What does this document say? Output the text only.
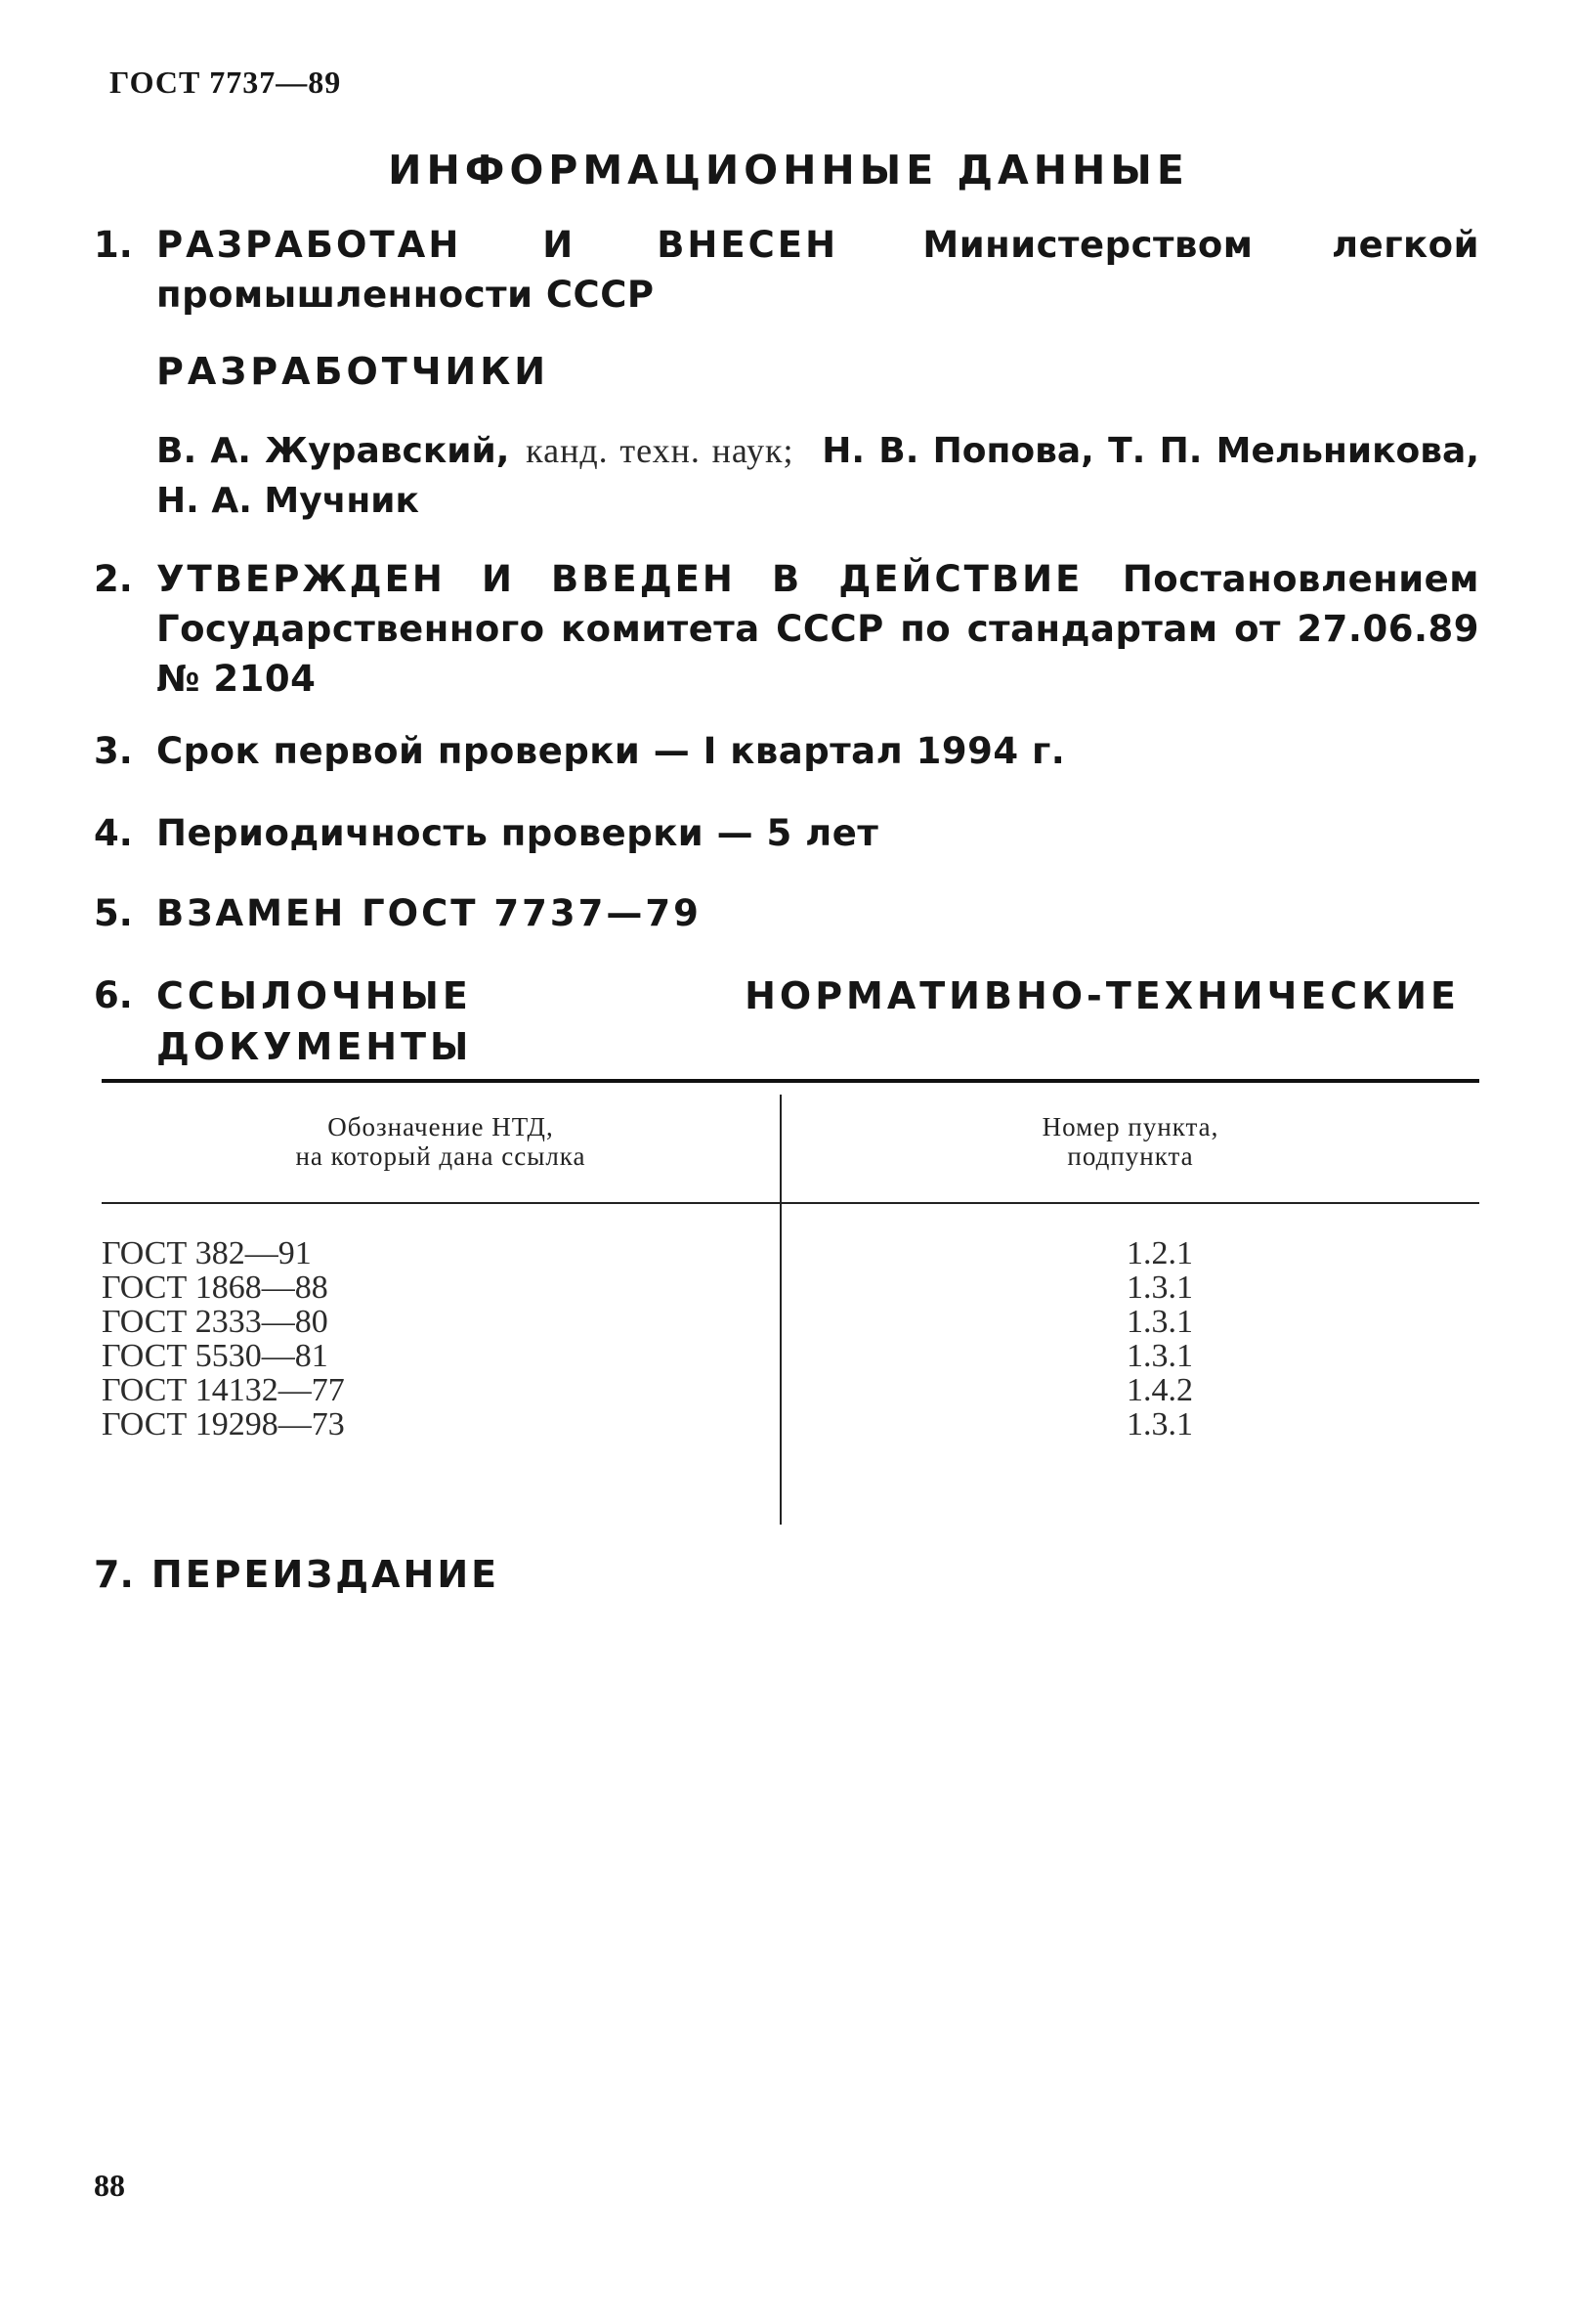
ГОСТ 7737—89
ИНФОРМАЦИОННЫЕ ДАННЫЕ
1. РАЗРАБОТАН И ВНЕСЕН Министерством легкой промышленности СССР
РАЗРАБОТЧИКИ
В. А. Журавский, канд. техн. наук; Н. В. Попова, Т. П. Мельникова, Н. А. Мучник
2. УТВЕРЖДЕН И ВВЕДЕН В ДЕЙСТВИЕ Постановлением Государственного комитета СССР по стандартам от 27.06.89 № 2104
3. Срок первой проверки — I квартал 1994 г.
4. Периодичность проверки — 5 лет
5. ВЗАМЕН ГОСТ 7737—79
6. ССЫЛОЧНЫЕ НОРМАТИВНО-ТЕХНИЧЕСКИЕ ДОКУМЕНТЫ
Обозначение НТД,
на который дана ссылка
Номер пункта,
подпункта
ГОСТ 382—91
ГОСТ 1868—88
ГОСТ 2333—80
ГОСТ 5530—81
ГОСТ 14132—77
ГОСТ 19298—73
1.2.1
1.3.1
1.3.1
1.3.1
1.4.2
1.3.1
7. ПЕРЕИЗДАНИЕ
88
